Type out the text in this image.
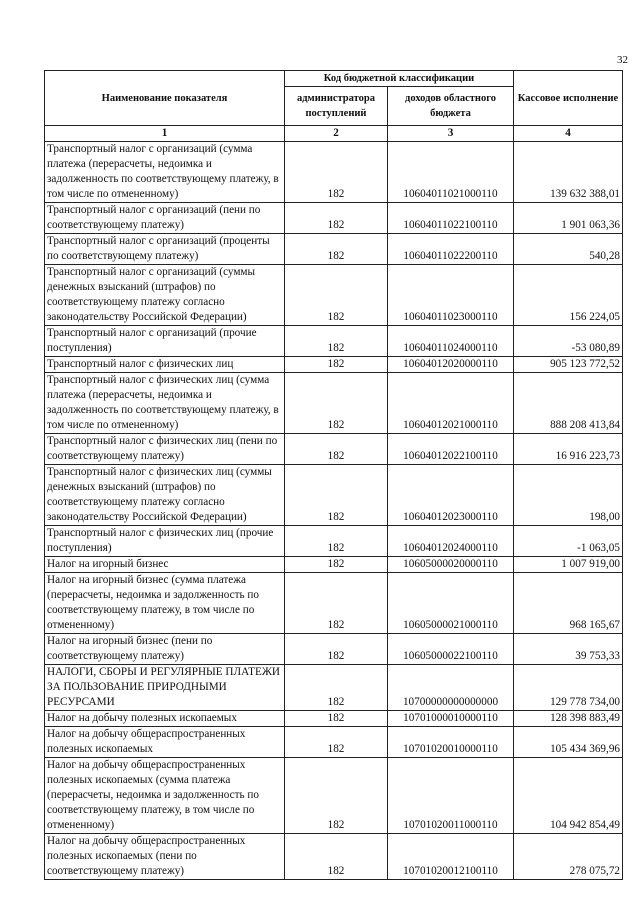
32
Наименование показателя	Код бюджетной классификации		Кассовое исполнение
	администратора поступлений	доходов областного бюджета	
1	2	3	4
Транспортный налог с организаций (сумма платежа (перерасчеты, недоимка и задолженность по соответствующему платежу, в том числе по отмененному)	182	10604011021000110	139 632 388,01
Транспортный налог с организаций (пени по соответствующему платежу)	182	10604011022100110	1 901 063,36
Транспортный налог с организаций (проценты по соответствующему платежу)	182	10604011022200110	540,28
Транспортный налог с организаций (суммы денежных взысканий (штрафов) по соответствующему платежу согласно законодательству Российской Федерации)	182	10604011023000110	156 224,05
Транспортный налог с организаций (прочие поступления)	182	10604011024000110	-53 080,89
Транспортный налог с физических лиц	182	10604012020000110	905 123 772,52
Транспортный налог с физических лиц (сумма платежа (перерасчеты, недоимка и задолженность по соответствующему платежу, в том числе по отмененному)	182	10604012021000110	888 208 413,84
Транспортный налог с физических лиц (пени по соответствующему платежу)	182	10604012022100110	16 916 223,73
Транспортный налог с физических лиц (суммы денежных взысканий (штрафов) по соответствующему платежу согласно законодательству Российской Федерации)	182	10604012023000110	198,00
Транспортный налог с физических лиц (прочие поступления)	182	10604012024000110	-1 063,05
Налог на игорный бизнес	182	10605000020000110	1 007 919,00
Налог на игорный бизнес (сумма платежа (перерасчеты, недоимка и задолженность по соответствующему платежу, в том числе по отмененному)	182	10605000021000110	968 165,67
Налог на игорный бизнес (пени по соответствующему платежу)	182	10605000022100110	39 753,33
НАЛОГИ, СБОРЫ И РЕГУЛЯРНЫЕ ПЛАТЕЖИ ЗА ПОЛЬЗОВАНИЕ ПРИРОДНЫМИ РЕСУРСАМИ	182	10700000000000000	129 778 734,00
Налог на добычу полезных ископаемых	182	10701000010000110	128 398 883,49
Налог на добычу общераспространенных полезных ископаемых	182	10701020010000110	105 434 369,96
Налог на добычу общераспространенных полезных ископаемых (сумма платежа (перерасчеты, недоимка и задолженность по соответствующему платежу, в том числе по отмененному)	182	10701020011000110	104 942 854,49
Налог на добычу общераспространенных полезных ископаемых (пени по соответствующему платежу)	182	10701020012100110	278 075,72
